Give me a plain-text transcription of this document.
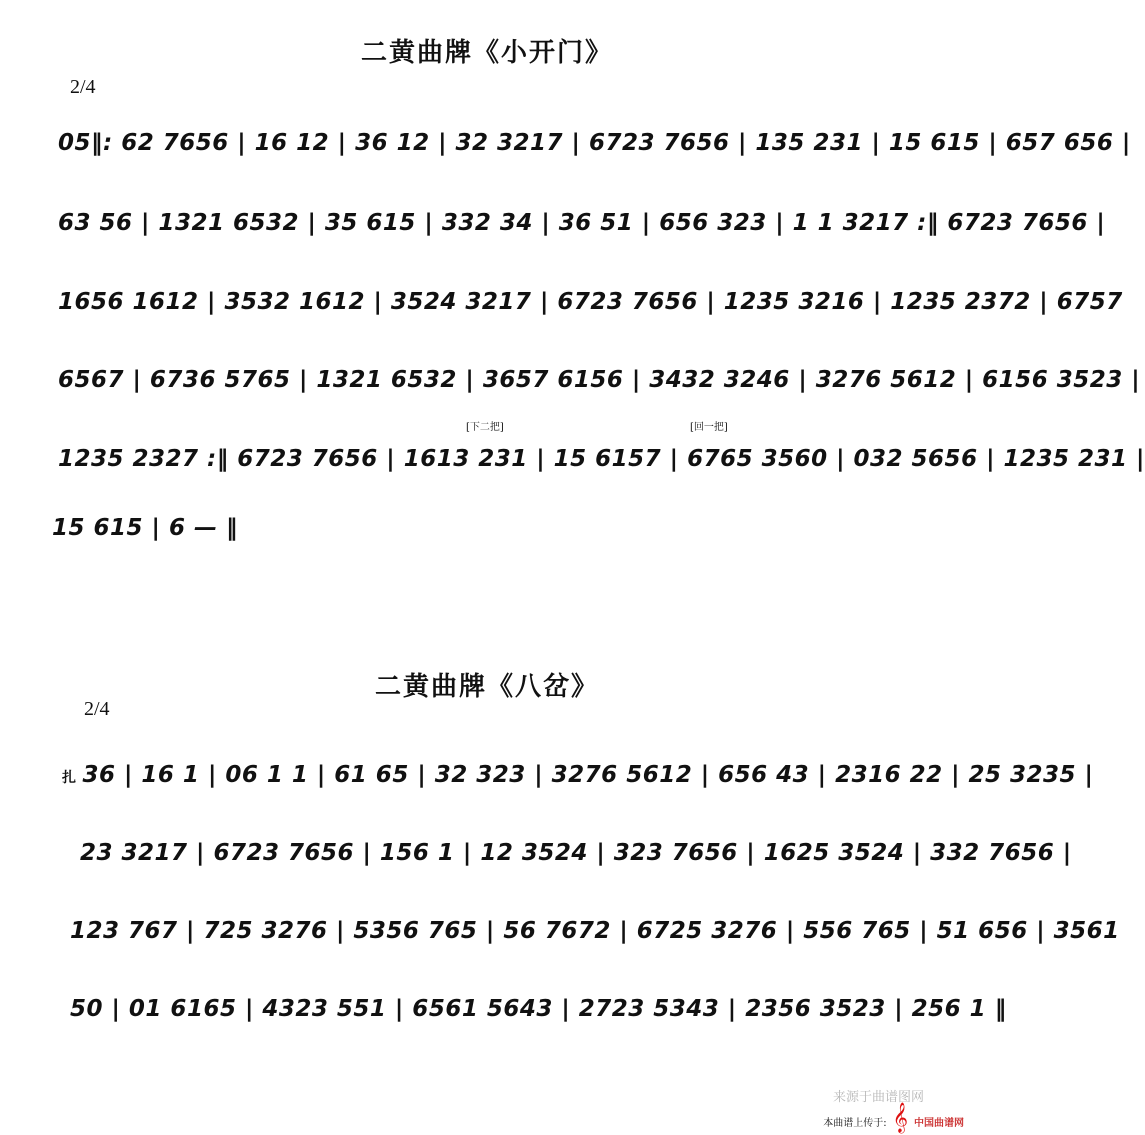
二黄曲牌《小开门》
2/4
[下二把]	[回一把]
05‖: 62 7656 | 16 12 | 36 12 | 32 3217 | 6723 7656 | 135 231 | 15 615 | 657 656 |
63 56 | 1321 6532 | 35 615 | 332 34 | 36 51 | 656 323 | 1 1 3217 :‖ 6723 7656 |
1656 1612 | 3532 1612 | 3524 3217 | 6723 7656 | 1235 3216 | 1235 2372 | 6757
6567 | 6736 5765 | 1321 6532 | 3657 6156 | 3432 3246 | 3276 5612 | 6156 3523 |
1235 2327 :‖ 6723 7656 | 1613 231 | 15 6157 | 6765 3560 | 032 5656 | 1235 231 |
15 615 | 6 — ‖
二黄曲牌《八岔》
2/4
扎 36 | 16 1 | 06 1 1 | 61 65 | 32 323 | 3276 5612 | 656 43 | 2316 22 | 25 3235 |
23 3217 | 6723 7656 | 156 1 | 12 3524 | 323 7656 | 1625 3524 | 332 7656 |
123 767 | 725 3276 | 5356 765 | 56 7672 | 6725 3276 | 556 765 | 51 656 | 3561
50 | 01 6165 | 4323 551 | 6561 5643 | 2723 5343 | 2356 3523 | 256 1 ‖
来源于曲谱图网
本曲谱上传于: 𝄞 中国曲谱网
